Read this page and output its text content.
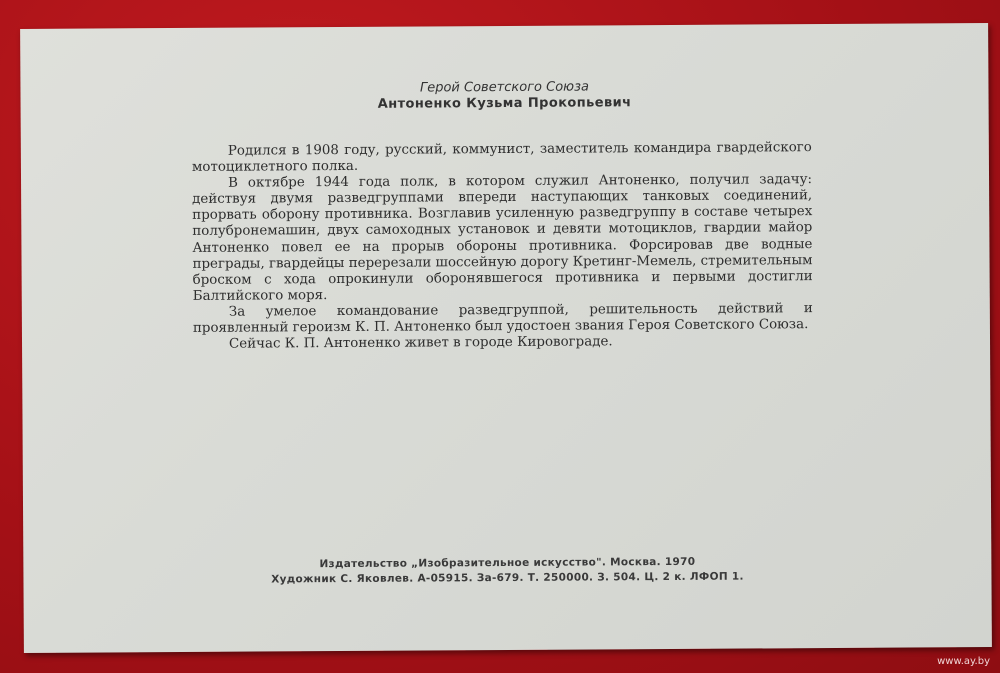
Герой Советского Союза
Антоненко Кузьма Прокопьевич

Родился в 1908 году, русский, коммунист, заместитель командира гвардейского мотоциклетного полка.

В октябре 1944 года полк, в котором служил Антоненко, получил задачу: действуя двумя разведгруппами впереди наступающих танковых соединений, прорвать оборону противника. Возглавив усиленную разведгруппу в составе четырех полубронемашин, двух самоходных установок и девяти мотоциклов, гвардии майор Антоненко повел ее на прорыв обороны противника. Форсировав две водные преграды, гвардейцы перерезали шоссейную дорогу Кретинг-Мемель, стремительным броском с хода опрокинули оборонявшегося противника и первыми достигли Балтийского моря.

За умелое командование разведгруппой, решительность действий и проявленный героизм К. П. Антоненко был удостоен звания Героя Советского Союза.

Сейчас К. П. Антоненко живет в городе Кировограде.

Издательство „Изобразительное искусство". Москва. 1970
Художник С. Яковлев. А-05915. За-679. Т. 250000. З. 504. Ц. 2 к. ЛФОП 1.
www.ay.by
